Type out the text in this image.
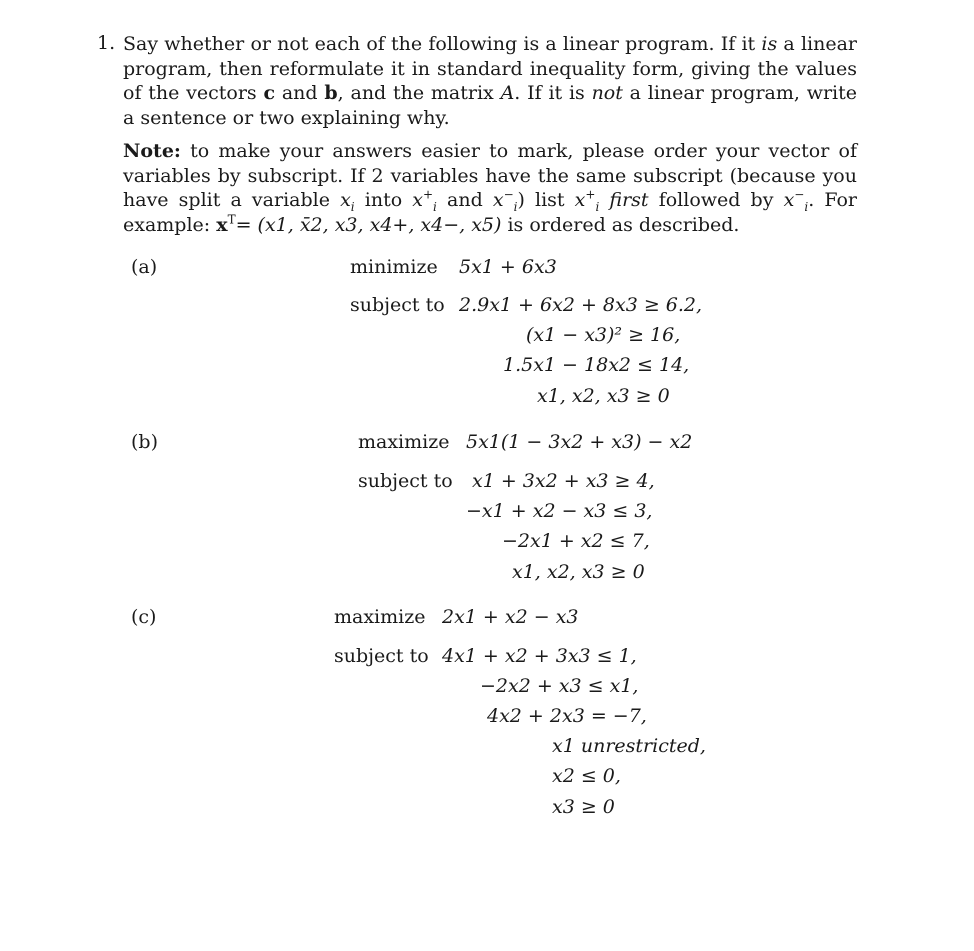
1. Say whether or not each of the following is a linear program. If it is a linear program, then reformulate it in standard inequality form, giving the values of the vectors c and b, and the matrix A. If it is not a linear program, write a sentence or two explaining why.
Note: to make your answers easier to mark, please order your vector of variables by subscript. If 2 variables have the same subscript (because you have split a variable $x_i$ into $x^+_i$ and $x^-_i$) list $x^+_i$ first followed by $x^-_i$. For example: $x^T= (x1$, x̄2, x3, x4+, x4−, x5) is ordered as described.
(a)	minimize 5x1 + 6x3
subject to 2.9x1 + 6x2 + 8x3 ≥ 6.2,
(x1 − x3)² ≥ 16,
1.5x1 − 18x2 ≤ 14,
x1, x2, x3 ≥ 0
(b)	maximize 5x1(1 − 3x2 + x3) − x2
subject to x1 + 3x2 + x3 ≥ 4,
−x1 + x2 − x3 ≤ 3,
−2x1 + x2 ≤ 7,
x1, x2, x3 ≥ 0
(c)	maximize 2x1 + x2 − x3
subject to 4x1 + x2 + 3x3 ≤ 1,
−2x2 + x3 ≤ x1,
4x2 + 2x3 = −7,
x1 unrestricted,
x2 ≤ 0,
x3 ≥ 0
